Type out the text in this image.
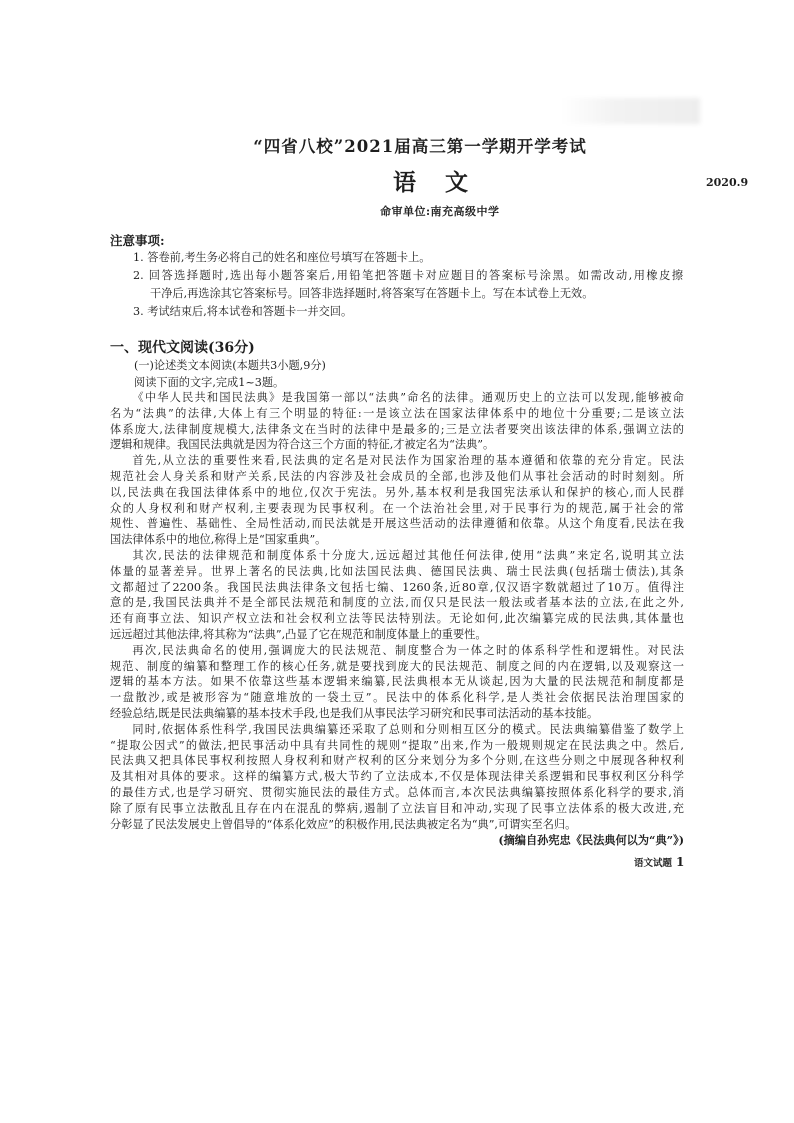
“四省八校”2021届高三第一学期开学考试
语文	2020.9
命审单位:南充高级中学
注意事项:
1. 答卷前,考生务必将自己的姓名和座位号填写在答题卡上。
2. 回答选择题时,选出每小题答案后,用铅笔把答题卡对应题目的答案标号涂黑。如需改动,用橡皮擦
干净后,再选涂其它答案标号。回答非选择题时,将答案写在答题卡上。写在本试卷上无效。
3. 考试结束后,将本试卷和答题卡一并交回。
一、现代文阅读(36分)
(一)论述类文本阅读(本题共3小题,9分)
阅读下面的文字,完成1~3题。
《中华人民共和国民法典》是我国第一部以“法典”命名的法律。通观历史上的立法可以发现,能够被命
名为“法典”的法律,大体上有三个明显的特征:一是该立法在国家法律体系中的地位十分重要;二是该立法
体系庞大,法律制度规模大,法律条文在当时的法律中是最多的;三是立法者要突出该法律的体系,强调立法的
逻辑和规律。我国民法典就是因为符合这三个方面的特征,才被定名为“法典”。
首先,从立法的重要性来看,民法典的定名是对民法作为国家治理的基本遵循和依靠的充分肯定。民法
规范社会人身关系和财产关系,民法的内容涉及社会成员的全部,也涉及他们从事社会活动的时时刻刻。所
以,民法典在我国法律体系中的地位,仅次于宪法。另外,基本权利是我国宪法承认和保护的核心,而人民群
众的人身权利和财产权利,主要表现为民事权利。在一个法治社会里,对于民事行为的规范,属于社会的常
规性、普遍性、基础性、全局性活动,而民法就是开展这些活动的法律遵循和依靠。从这个角度看,民法在我
国法律体系中的地位,称得上是“国家重典”。
其次,民法的法律规范和制度体系十分庞大,远远超过其他任何法律,使用“法典”来定名,说明其立法
体量的显著差异。世界上著名的民法典,比如法国民法典、德国民法典、瑞士民法典(包括瑞士债法),其条
文都超过了2200条。我国民法典法律条文包括七编、1260条,近80章,仅汉语字数就超过了10万。值得注
意的是,我国民法典并不是全部民法规范和制度的立法,而仅只是民法一般法或者基本法的立法,在此之外,
还有商事立法、知识产权立法和社会权利立法等民法特别法。无论如何,此次编纂完成的民法典,其体量也
远远超过其他法律,将其称为“法典”,凸显了它在规范和制度体量上的重要性。
再次,民法典命名的使用,强调庞大的民法规范、制度整合为一体之时的体系科学性和逻辑性。对民法
规范、制度的编纂和整理工作的核心任务,就是要找到庞大的民法规范、制度之间的内在逻辑,以及观察这一
逻辑的基本方法。如果不依靠这些基本逻辑来编纂,民法典根本无从谈起,因为大量的民法规范和制度都是
一盘散沙,或是被形容为“随意堆放的一袋土豆”。民法中的体系化科学,是人类社会依据民法治理国家的
经验总结,既是民法典编纂的基本技术手段,也是我们从事民法学习研究和民事司法活动的基本技能。
同时,依据体系性科学,我国民法典编纂还采取了总则和分则相互区分的模式。民法典编纂借鉴了数学上
“提取公因式”的做法,把民事活动中具有共同性的规则“提取”出来,作为一般规则规定在民法典之中。然后,
民法典又把具体民事权利按照人身权利和财产权利的区分来划分为多个分则,在这些分则之中展现各种权利
及其相对具体的要求。这样的编纂方式,极大节约了立法成本,不仅是体现法律关系逻辑和民事权利区分科学
的最佳方式,也是学习研究、贯彻实施民法的最佳方式。总体而言,本次民法典编纂按照体系化科学的要求,消
除了原有民事立法散乱且存在内在混乱的弊病,遏制了立法盲目和冲动,实现了民事立法体系的极大改进,充
分彰显了民法发展史上曾倡导的“体系化效应”的积极作用,民法典被定名为“典”,可谓实至名归。
(摘编自孙宪忠《民法典何以为“典”》)
语文试题 1
